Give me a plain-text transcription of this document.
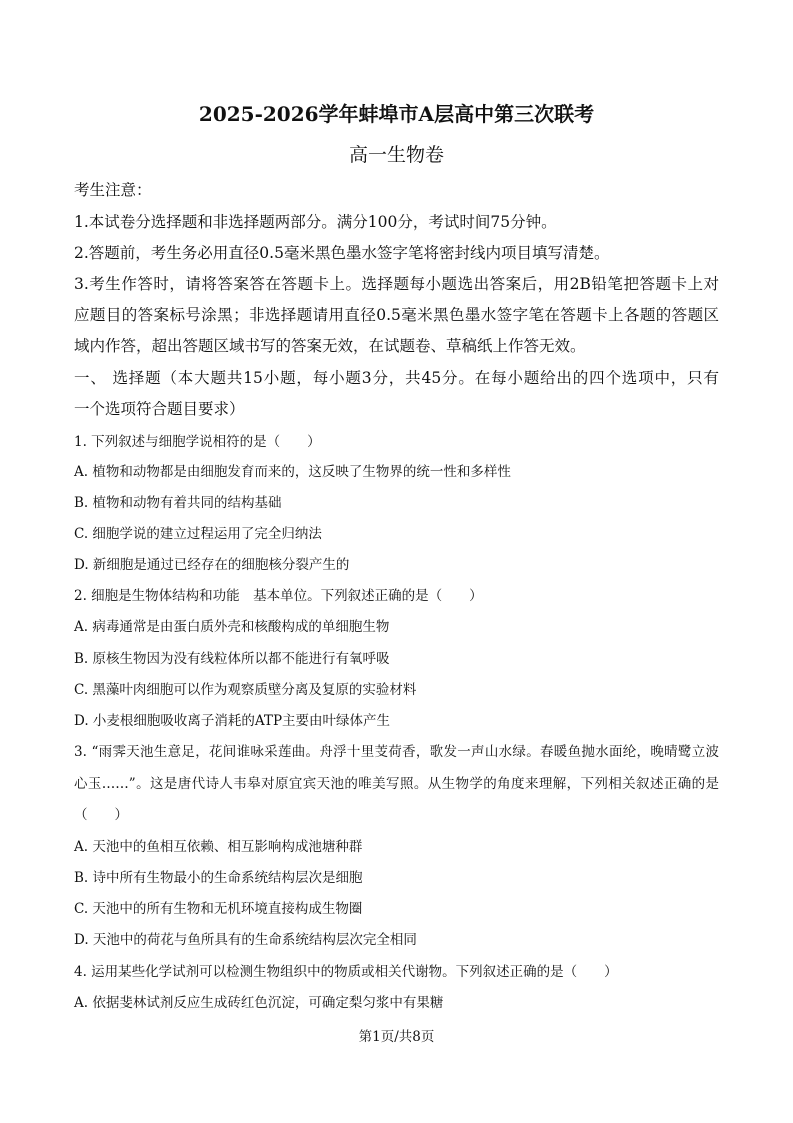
2025-2026学年蚌埠市A层高中第三次联考
高一生物卷
考生注意：
1.本试卷分选择题和非选择题两部分。满分100分，考试时间75分钟。
2.答题前，考生务必用直径0.5毫米黑色墨水签字笔将密封线内项目填写清楚。
3.考生作答时，请将答案答在答题卡上。选择题每小题选出答案后，用2B铅笔把答题卡上对
应题目的答案标号涂黑；非选择题请用直径0.5毫米黑色墨水签字笔在答题卡上各题的答题区
域内作答，超出答题区域书写的答案无效，在试题卷、草稿纸上作答无效。
一、 选择题（本大题共15小题，每小题3分，共45分。在每小题给出的四个选项中，只有
一个选项符合题目要求）
1. 下列叙述与细胞学说相符的是（　　）
A. 植物和动物都是由细胞发育而来的，这反映了生物界的统一性和多样性
B. 植物和动物有着共同的结构基础
C. 细胞学说的建立过程运用了完全归纳法
D. 新细胞是通过已经存在的细胞核分裂产生的
2. 细胞是生物体结构和功能　基本单位。下列叙述正确的是（　　）
A. 病毒通常是由蛋白质外壳和核酸构成的单细胞生物
B. 原核生物因为没有线粒体所以都不能进行有氧呼吸
C. 黑藻叶肉细胞可以作为观察质壁分离及复原的实验材料
D. 小麦根细胞吸收离子消耗的ATP主要由叶绿体产生
3. “雨霁天池生意足，花间谁咏采莲曲。舟浮十里芰荷香，歌发一声山水绿。春暖鱼抛水面纶，晚晴鹭立波
心玉……”。这是唐代诗人韦皋对原宜宾天池的唯美写照。从生物学的角度来理解，下列相关叙述正确的是
（　　）
A. 天池中的鱼相互依赖、相互影响构成池塘种群
B. 诗中所有生物最小的生命系统结构层次是细胞
C. 天池中的所有生物和无机环境直接构成生物圈
D. 天池中的荷花与鱼所具有的生命系统结构层次完全相同
4. 运用某些化学试剂可以检测生物组织中的物质或相关代谢物。下列叙述正确的是（　　）
A. 依据斐林试剂反应生成砖红色沉淀，可确定梨匀浆中有果糖
第1页/共8页
